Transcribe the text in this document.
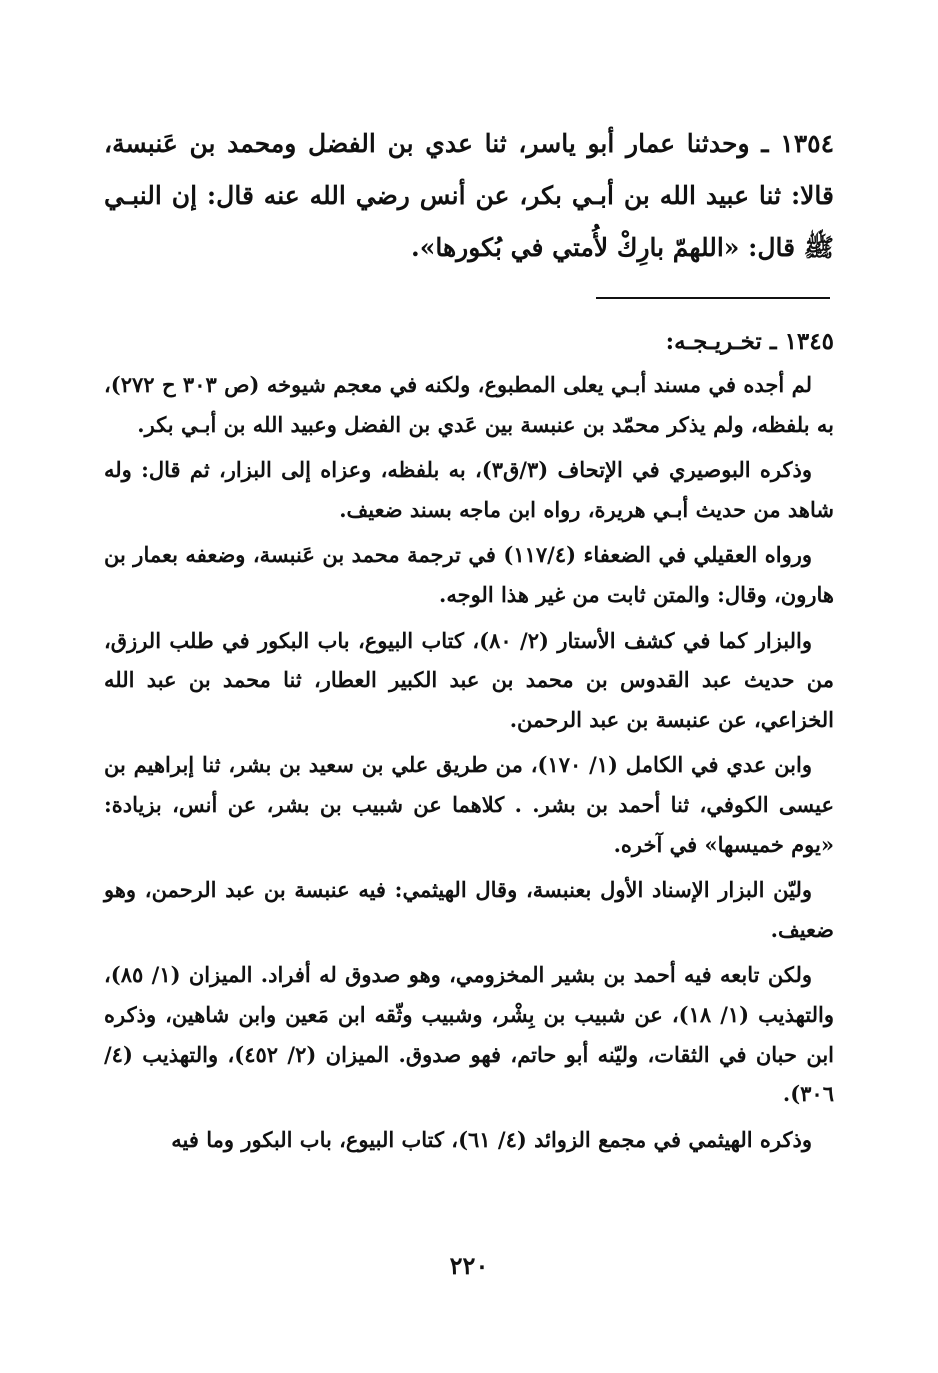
١٣٥٤ ـ وحدثنا عمار أبو ياسر، ثنا عدي بن الفضل ومحمد بن عَنبسة، قالا: ثنا عبيد الله بن أبـي بكر، عن أنس رضي الله عنه قال: إن النبـي ﷺ قال: «اللهمّ بارِكْ لأُمتي في بُكورها».

١٣٤٥ ـ تخـريـجـه:

لم أجده في مسند أبـي يعلى المطبوع، ولكنه في معجم شيوخه (ص ٣٠٣ ح ٢٧٢)، به بلفظه، ولم يذكر محمّد بن عنبسة بين عَدي بن الفضل وعبيد الله بن أبـي بكر.

وذكره البوصيري في الإتحاف (٣/ق٣)، به بلفظه، وعزاه إلى البزار، ثم قال: وله شاهد من حديث أبـي هريرة، رواه ابن ماجه بسند ضعيف.

ورواه العقيلي في الضعفاء (١١٧/٤) في ترجمة محمد بن عَنبسة، وضعفه بعمار بن هارون، وقال: والمتن ثابت من غير هذا الوجه.

والبزار كما في كشف الأستار (٢/ ٨٠)، كتاب البيوع، باب البكور في طلب الرزق، من حديث عبد القدوس بن محمد بن عبد الكبير العطار، ثنا محمد بن عبد الله الخزاعي، عن عنبسة بن عبد الرحمن.

وابن عدي في الكامل (١/ ١٧٠)، من طريق علي بن سعيد بن بشر، ثنا إبراهيم بن عيسى الكوفي، ثنا أحمد بن بشر. . كلاهما عن شبيب بن بشر، عن أنس، بزيادة: «يوم خميسها» في آخره.

وليّن البزار الإسناد الأول بعنبسة، وقال الهيثمي: فيه عنبسة بن عبد الرحمن، وهو ضعيف.

ولكن تابعه فيه أحمد بن بشير المخزومي، وهو صدوق له أفراد. الميزان (١/ ٨٥)، والتهذيب (١/ ١٨)، عن شبيب بن بِشْر، وشبيب وثّقه ابن مَعين وابن شاهين، وذكره ابن حبان في الثقات، وليّنه أبو حاتم، فهو صدوق. الميزان (٢/ ٤٥٢)، والتهذيب (٤/ ٣٠٦).

وذكره الهيثمي في مجمع الزوائد (٤/ ٦١)، كتاب البيوع، باب البكور وما فيه

٢٢٠
